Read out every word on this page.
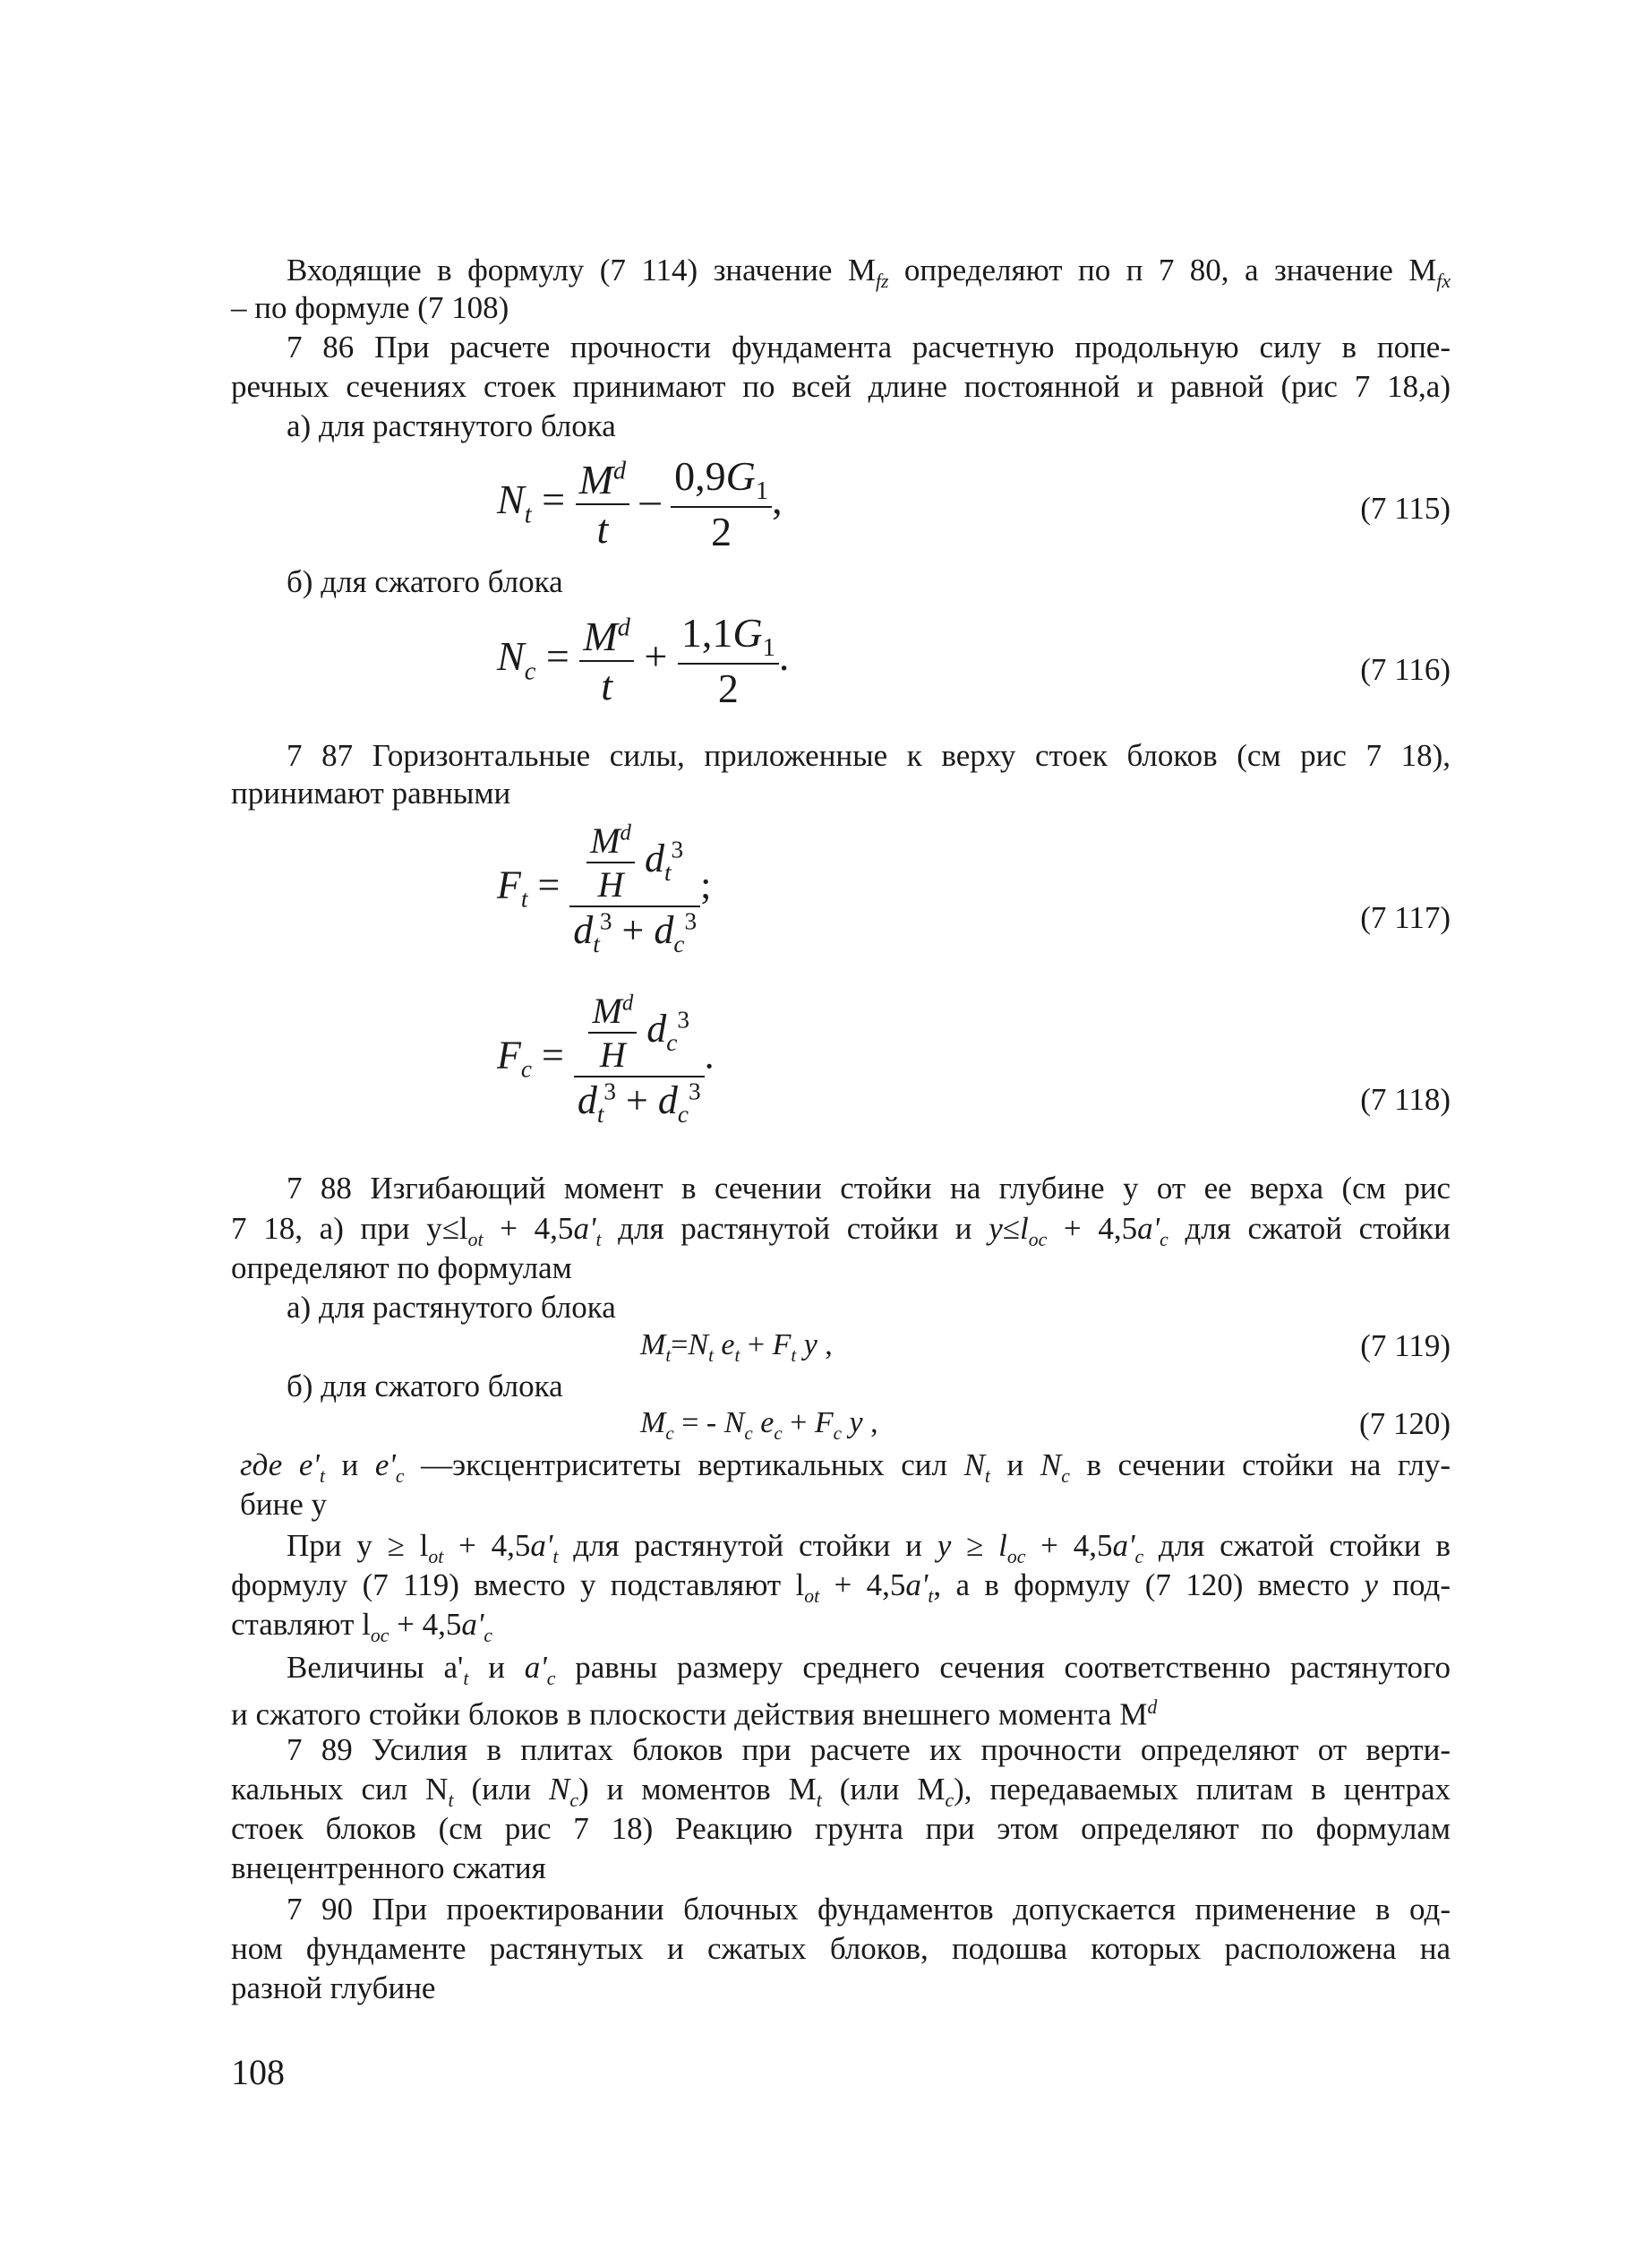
Входящие в формулу (7 114) значение $M_{fz}$ определяют по п 7 80, а значение $M_{fx}$
– по формуле (7 108)
7 86 При расчете прочности фундамента расчетную продольную силу в попе-
речных сечениях стоек принимают по всей длине постоянной и равной (рис 7 18,а)
а) для растянутого блока
$N_t = \frac{M^d}{t} - \frac{0,9G_1}{2}$ ,	(7 115)
б) для сжатого блока
$N_c = \frac{M^d}{t} + \frac{1,1G_1}{2}$ .	(7 116)
7 87 Горизонтальные силы, приложенные к верху стоек блоков (см рис 7 18),
принимают равными
$F_t = \frac{\frac{M^d}{H} d_t^3}{d_t^3 + d_c^3}$ ;
(7 117)
$F_c = \frac{\frac{M^d}{H} d_c^3}{d_t^3 + d_c^3}$ .
(7 118)
7 88 Изгибающий момент в сечении стойки на глубине y от ее верха (см рис
7 18, а) при $y\le l_{ot} + 4,5a'_t$ для растянутой стойки и $y\le l_{oc} + 4,5a'_c$ для сжатой стойки
определяют по формулам
а) для растянутого блока
$M_t=N_t$ $e_t + F_t$ y ,	(7 119)
б) для сжатого блока
$M_c$ = - $N_c$ $e_c + F_c$ y ,	(7 120)
где $e'_t$ и $e'_c$ —эксцентриситеты вертикальных сил $N_t$ и $N_c$ в сечении стойки на глу-
бине y
При $y \ge l_{ot} + 4,5a'_t$ для растянутой стойки и $y \ge l_{oc} + 4,5a'_c$ для сжатой стойки в
формулу (7 119) вместо y подставляют $l_{ot} + 4,5a'_t$, а в формулу (7 120) вместо y под-
ставляют $l_{oc} + 4,5a'_c$
Величины $a'_t$ и $a'_c$ равны размеру среднего сечения соответственно растянутого
и сжатого стойки блоков в плоскости действия внешнего момента $M^d$
7 89 Усилия в плитах блоков при расчете их прочности определяют от верти-
кальных сил $N_t$ (или $N_c$) и моментов $M_t$ (или $M_c$), передаваемых плитам в центрах
стоек блоков (см рис 7 18) Реакцию грунта при этом определяют по формулам
внецентренного сжатия
7 90 При проектировании блочных фундаментов допускается применение в од-
ном фундаменте растянутых и сжатых блоков, подошва которых расположена на
разной глубине
108
